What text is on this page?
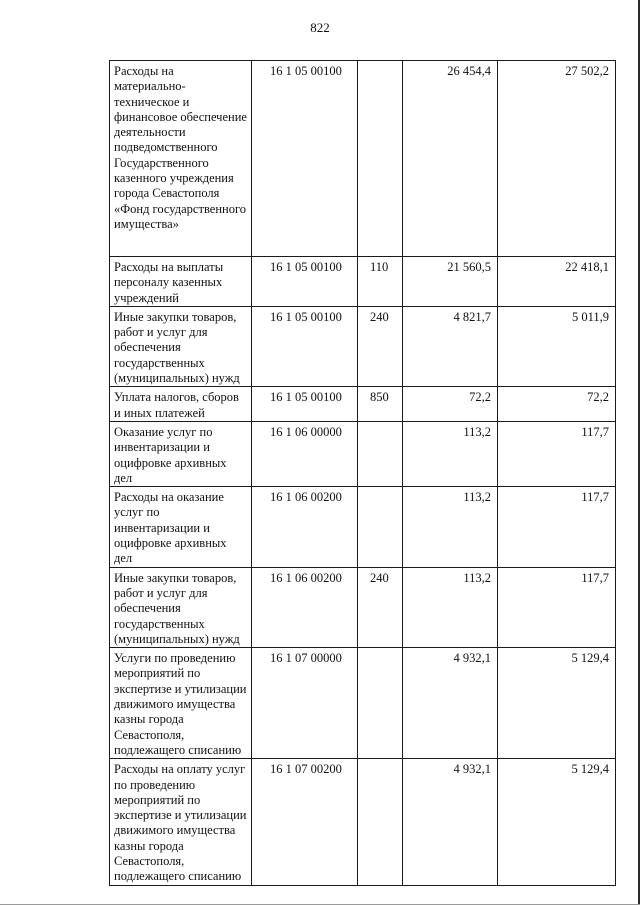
822
Расходы на материально-техническое и финансовое обеспечение деятельности подведомственного Государственного казенного учреждения города Севастополя «Фонд государственного имущества»	16 1 05 00100		26 454,4	27 502,2
Расходы на выплаты персоналу казенных учреждений	16 1 05 00100	110	21 560,5	22 418,1
Иные закупки товаров, работ и услуг для обеспечения государственных (муниципальных) нужд	16 1 05 00100	240	4 821,7	5 011,9
Уплата налогов, сборов и иных платежей	16 1 05 00100	850	72,2	72,2
Оказание услуг по инвентаризации и оцифровке архивных дел	16 1 06 00000		113,2	117,7
Расходы на оказание услуг по инвентаризации и оцифровке архивных дел	16 1 06 00200		113,2	117,7
Иные закупки товаров, работ и услуг для обеспечения государственных (муниципальных) нужд	16 1 06 00200	240	113,2	117,7
Услуги по проведению мероприятий по экспертизе и утилизации движимого имущества казны города Севастополя, подлежащего списанию	16 1 07 00000		4 932,1	5 129,4
Расходы на оплату услуг по проведению мероприятий по экспертизе и утилизации движимого имущества казны города Севастополя, подлежащего списанию	16 1 07 00200		4 932,1	5 129,4
